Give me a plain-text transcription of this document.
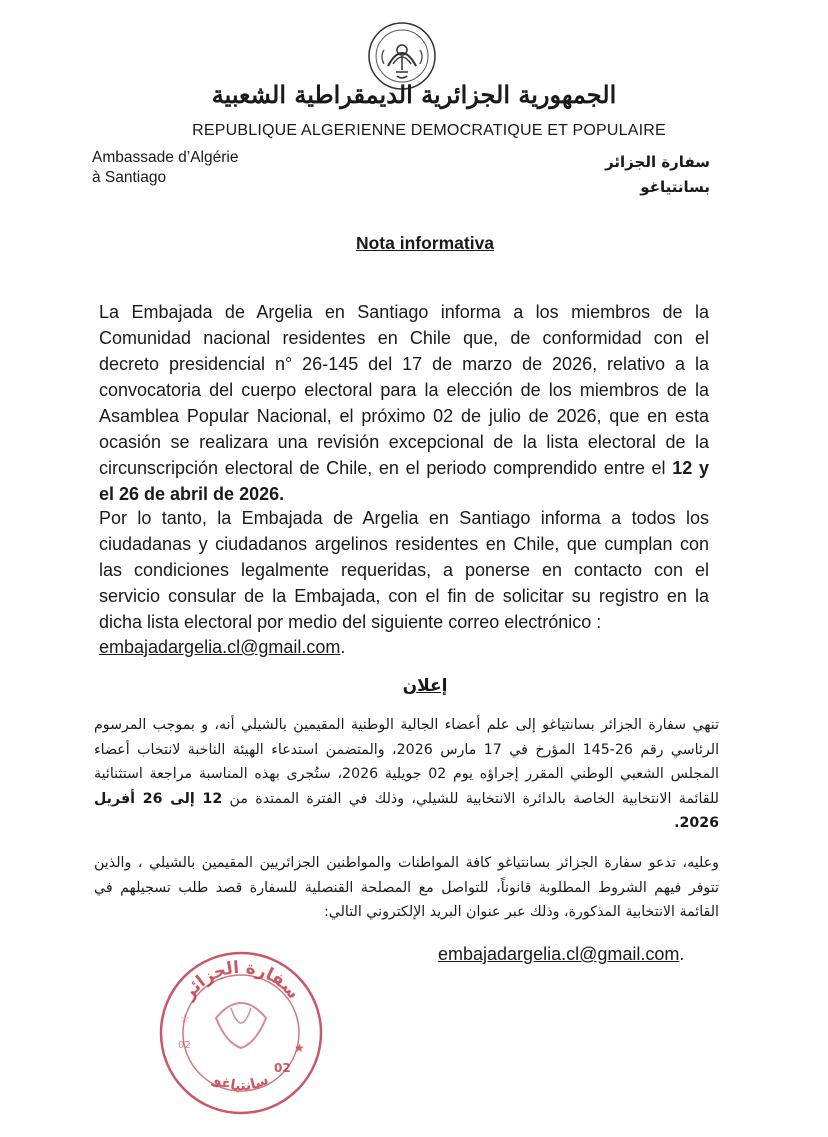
الجمهورية الجزائرية الديمقراطية الشعبية
REPUBLIQUE ALGERIENNE DEMOCRATIQUE ET POPULAIRE
Ambassade d’Algérie
à Santiago
سفارة الجزائر
بسانتياغو
Nota informativa
La Embajada de Argelia en Santiago informa a los miembros de la Comunidad nacional residentes en Chile que, de conformidad con el decreto presidencial n° 26-145 del 17 de marzo de 2026, relativo a la convocatoria del cuerpo electoral para la elección de los miembros de la Asamblea Popular Nacional, el próximo 02 de julio de 2026, que en esta ocasión se realizara una revisión excepcional de la lista electoral de la circunscripción electoral de Chile, en el periodo comprendido entre el 12 y el 26 de abril de 2026.
Por lo tanto, la Embajada de Argelia en Santiago informa a todos los ciudadanas y ciudadanos argelinos residentes en Chile, que cumplan con las condiciones legalmente requeridas, a ponerse en contacto con el servicio consular de la Embajada, con el fin de solicitar su registro en la dicha lista electoral por medio del siguiente correo electrónico :
embajadargelia.cl@gmail.com.
إعلان
تنهي سفارة الجزائر بسانتياغو إلى علم أعضاء الجالية الوطنية المقيمين بالشيلي أنه، و بموجب المرسوم الرئاسي رقم 26-145 المؤرخ في 17 مارس 2026، والمتضمن استدعاء الهيئة الناخبة لانتخاب أعضاء المجلس الشعبي الوطني المقرر إجراؤه يوم 02 جويلية 2026، ستُجرى بهذه المناسبة مراجعة استثنائية للقائمة الانتخابية الخاصة بالدائرة الانتخابية للشيلي، وذلك في الفترة الممتدة من 12 إلى 26 أفريل 2026.
وعليه، تدعو سفارة الجزائر بسانتياغو كافة المواطنات والمواطنين الجزائريين المقيمين بالشيلي ، والذين تتوفر فيهم الشروط المطلوبة قانوناً، للتواصل مع المصلحة القنصلية للسفارة قصد طلب تسجيلهم في القائمة الانتخابية المذكورة، وذلك عبر عنوان البريد الإلكتروني التالي:
embajadargelia.cl@gmail.com.
سفارة الجزائر
سانتياغو
02
02	★
☆
